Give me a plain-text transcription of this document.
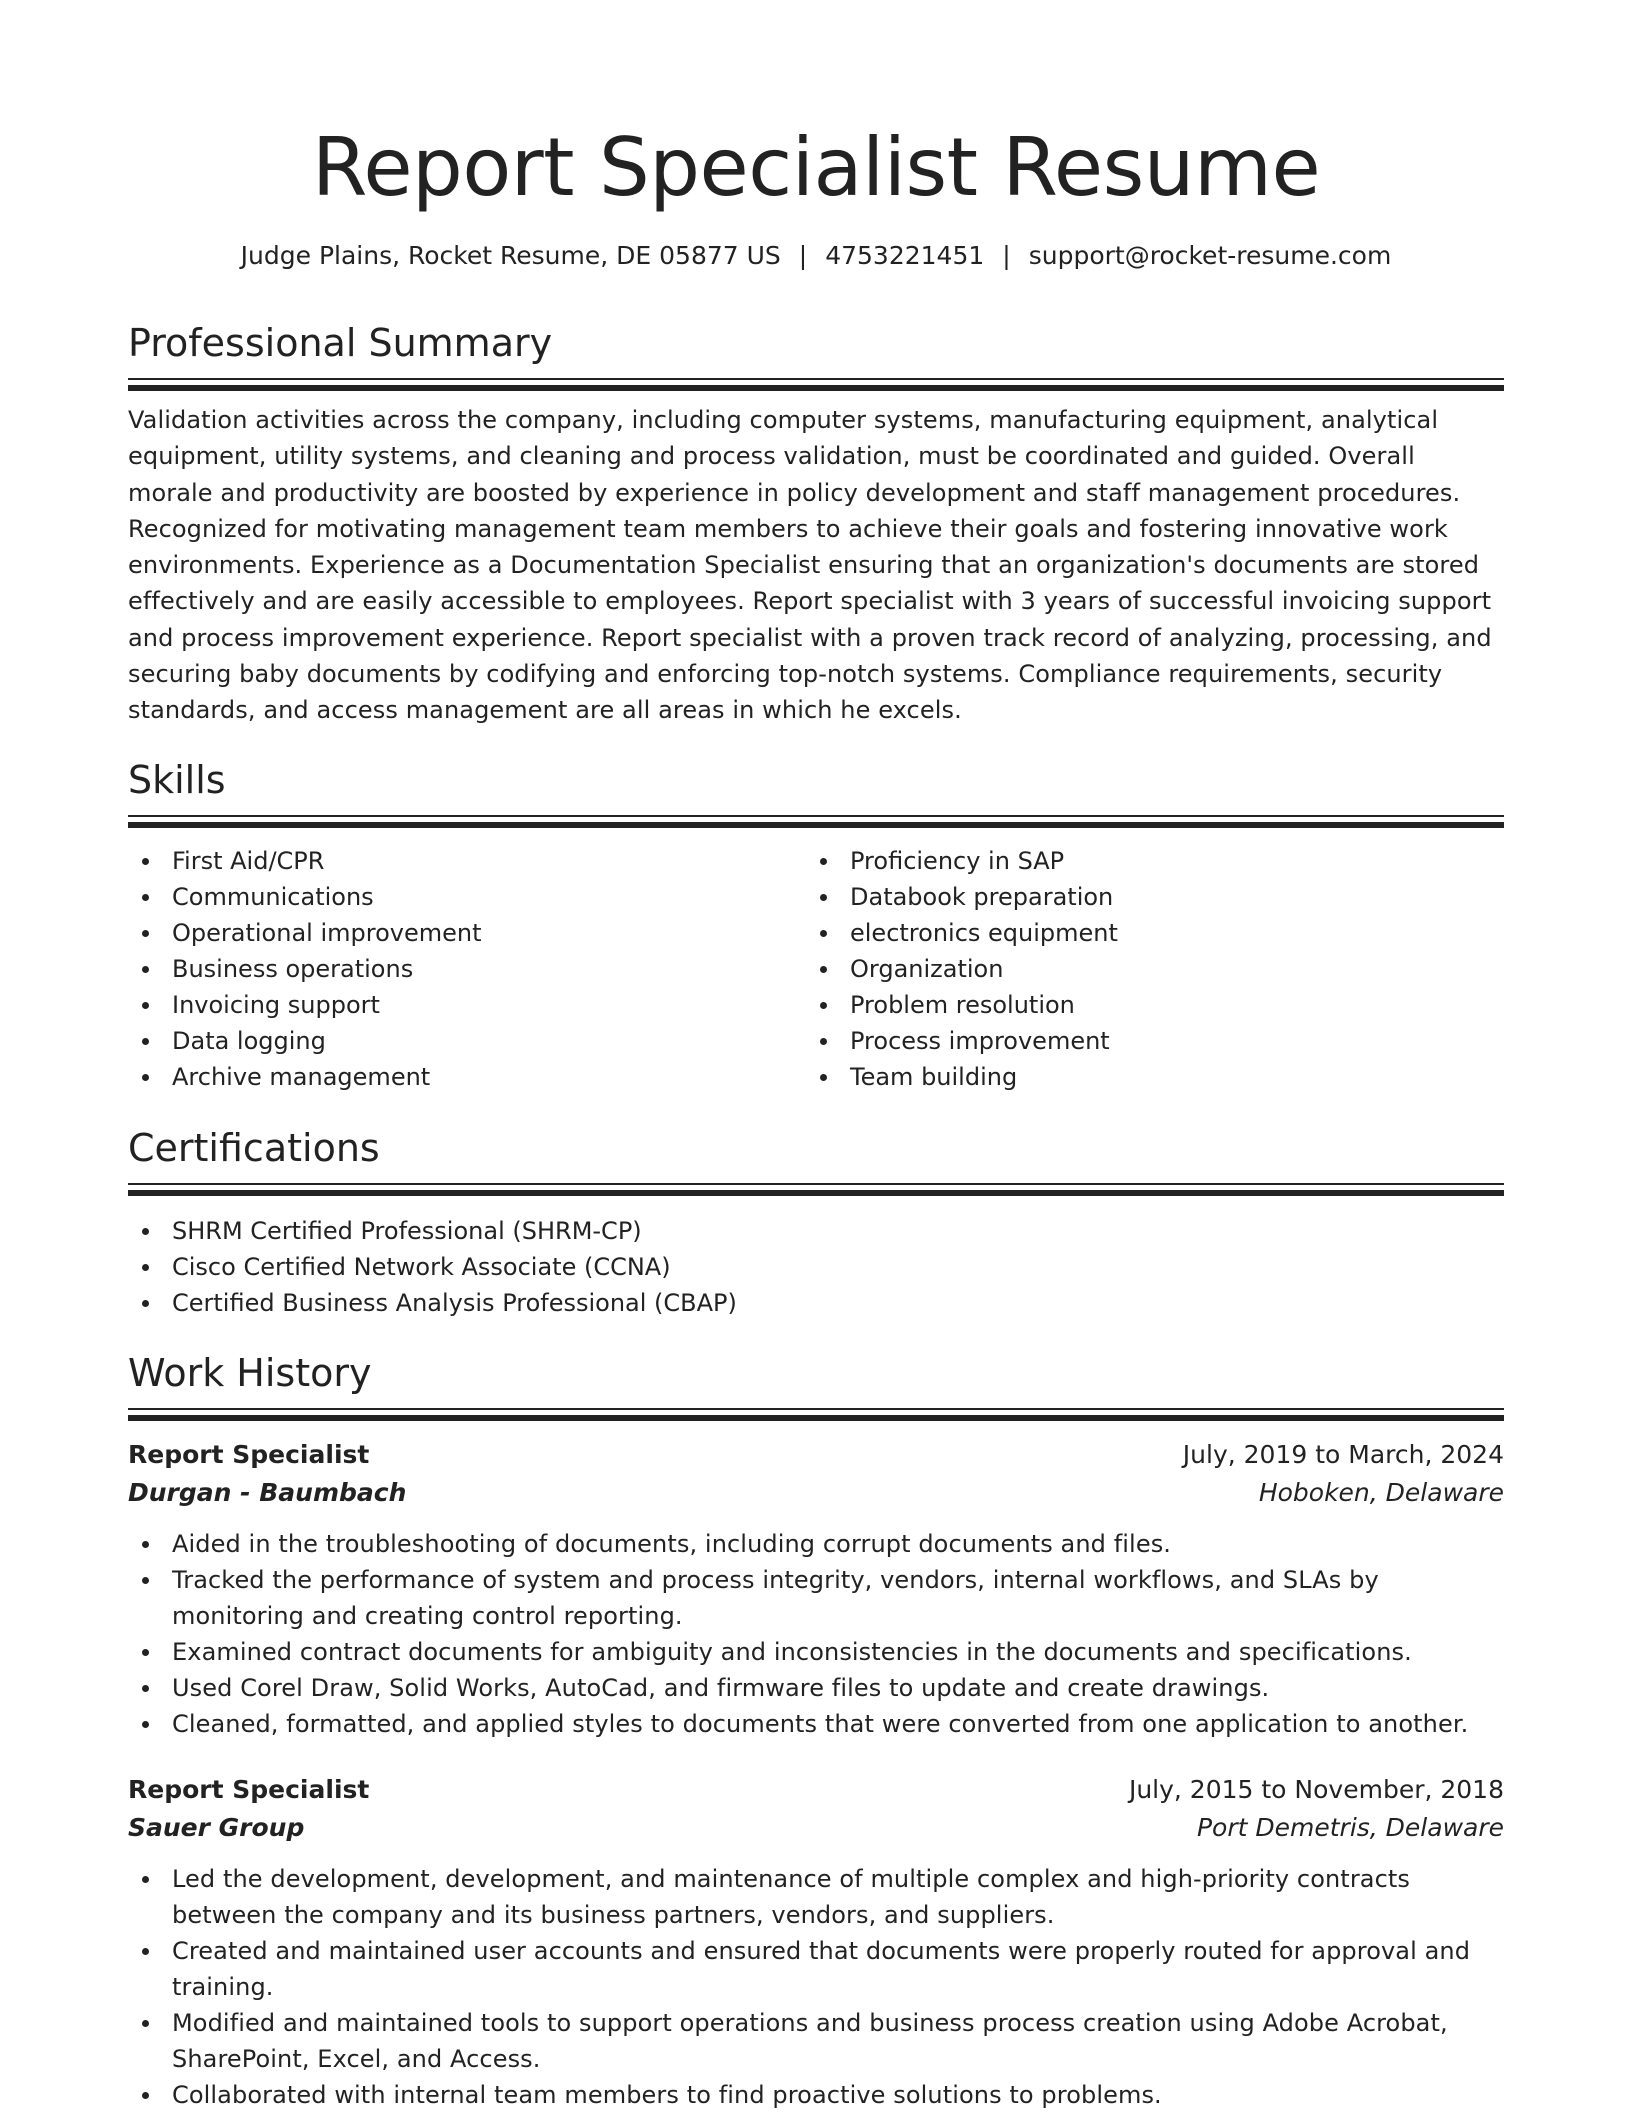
Report Specialist Resume
Judge Plains, Rocket Resume, DE 05877 US | 4753221451 | support@rocket-resume.com
Professional Summary

Validation activities across the company, including computer systems, manufacturing equipment, analytical equipment, utility systems, and cleaning and process validation, must be coordinated and guided. Overall morale and productivity are boosted by experience in policy development and staff management procedures. Recognized for motivating management team members to achieve their goals and fostering innovative work environments. Experience as a Documentation Specialist ensuring that an organization's documents are stored effectively and are easily accessible to employees. Report specialist with 3 years of successful invoicing support and process improvement experience. Report specialist with a proven track record of analyzing, processing, and securing baby documents by codifying and enforcing top-notch systems. Compliance requirements, security standards, and access management are all areas in which he excels.

Skills
First Aid/CPR
Communications
Operational improvement
Business operations
Invoicing support
Data logging
Archive management
Proficiency in SAP
Databook preparation
electronics equipment
Organization
Problem resolution
Process improvement
Team building
Certifications
SHRM Certified Professional (SHRM-CP)
Cisco Certified Network Associate (CCNA)
Certified Business Analysis Professional (CBAP)
Work History
Report Specialist	July, 2019 to March, 2024
Durgan - Baumbach	Hoboken, Delaware
Aided in the troubleshooting of documents, including corrupt documents and files.
Tracked the performance of system and process integrity, vendors, internal workflows, and SLAs by monitoring and creating control reporting.
Examined contract documents for ambiguity and inconsistencies in the documents and specifications.
Used Corel Draw, Solid Works, AutoCad, and firmware files to update and create drawings.
Cleaned, formatted, and applied styles to documents that were converted from one application to another.
Report Specialist	July, 2015 to November, 2018
Sauer Group	Port Demetris, Delaware
Led the development, development, and maintenance of multiple complex and high-priority contracts between the company and its business partners, vendors, and suppliers.
Created and maintained user accounts and ensured that documents were properly routed for approval and training.
Modified and maintained tools to support operations and business process creation using Adobe Acrobat, SharePoint, Excel, and Access.
Collaborated with internal team members to find proactive solutions to problems.
